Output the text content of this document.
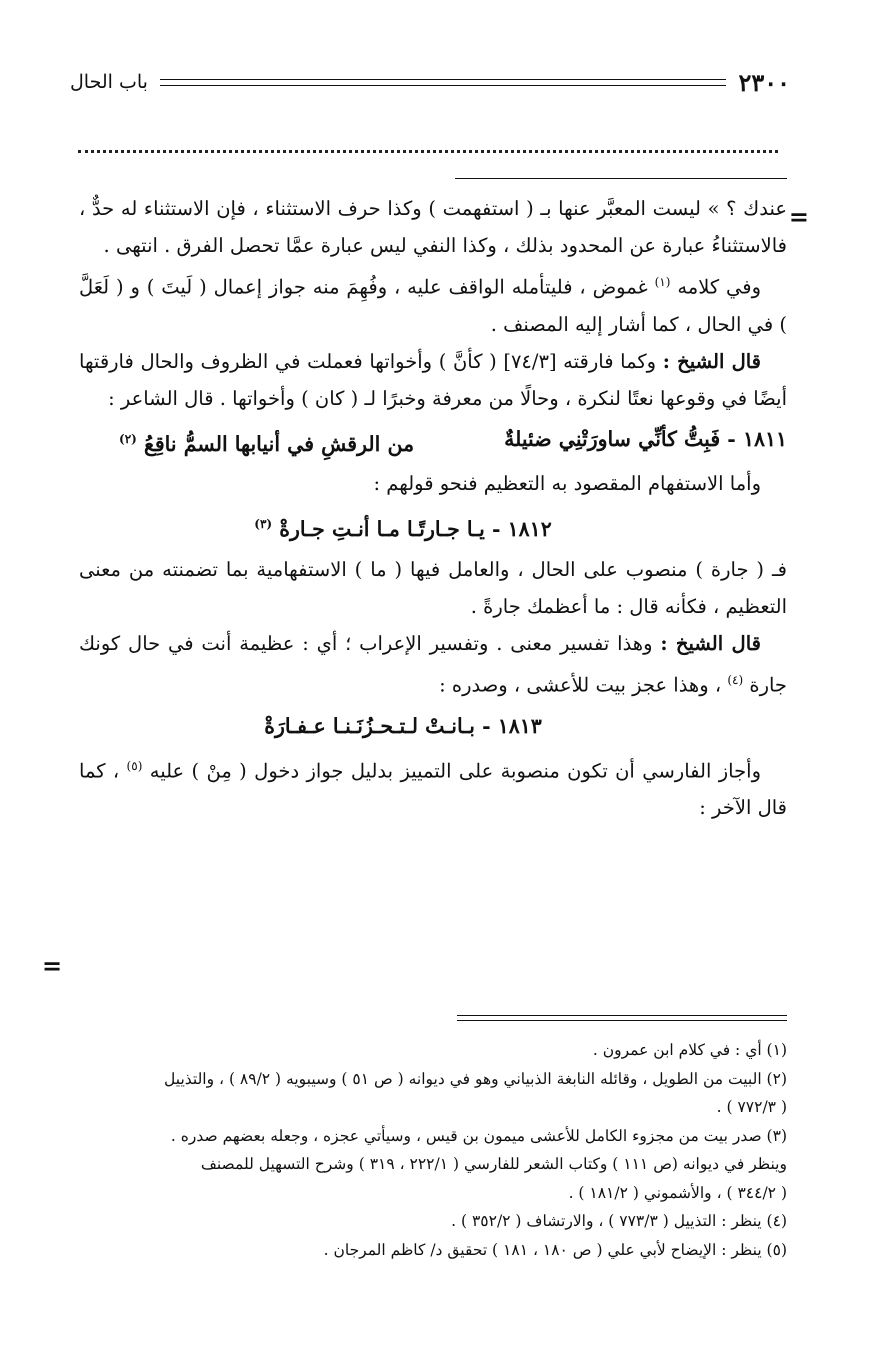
٢٣٠٠
باب الحال
=
=

عندك ؟ » ليست المعبَّر عنها بـ ( استفهمت ) وكذا حرف الاستثناء ، فإن الاستثناء له حدٌّ ، فالاستثناءُ عبارة عن المحدود بذلك ، وكذا النفي ليس عبارة عمَّا تحصل الفرق . انتهى .

وفي كلامه $^{(١)}$ غموض ، فليتأمله الواقف عليه ، وفُهِمَ منه جواز إعمال ( لَيتَ ) و ( لَعَلَّ ) في الحال ، كما أشار إليه المصنف .

قال الشيخ : وكما فارقته [٧٤/٣] ( كأنَّ ) وأخواتها فعملت في الظروف والحال فارقتها أيضًا في وقوعها نعتًا لنكرة ، وحالًا من معرفة وخبرًا لـ ( كان ) وأخواتها . قال الشاعر :

١٨١١ - فَبِتُّ كأنِّي ساورَتْنِي ضئيلةٌ
من الرقشِ في أنيابها السمُّ ناقِعُ $^{(٢)}$

وأما الاستفهام المقصود به التعظيم فنحو قولهم :

١٨١٢ - يـا جـارتًـا مـا أنـتِ جـارةْ $^{(٣)}$

فـ ( جارة ) منصوب على الحال ، والعامل فيها ( ما ) الاستفهامية بما تضمنته من معنى التعظيم ، فكأنه قال : ما أعظمك جارةً .

قال الشيخ : وهذا تفسير معنى . وتفسير الإعراب ؛ أي : عظيمة أنت في حال كونك جارة $^{(٤)}$ ، وهذا عجز بيت للأعشى ، وصدره :

١٨١٣ - بـانـتْ لـتـحـزُنَـنـا عـفـارَةْ

وأجاز الفارسي أن تكون منصوبة على التمييز بدليل جواز دخول ( مِنْ ) عليه $^{(٥)}$ ، كما قال الآخر :

(١) أي : في كلام ابن عمرون .

(٢) البيت من الطويل ، وقائله النابغة الذبياني وهو في ديوانه ( ص ٥١ ) وسيبويه ( ٨٩/٢ ) ، والتذييل
( ٧٧٢/٣ ) .

(٣) صدر بيت من مجزوء الكامل للأعشى ميمون بن قيس ، وسيأتي عجزه ، وجعله بعضهم صدره .
وينظر في ديوانه (ص ١١١ ) وكتاب الشعر للفارسي ( ٢٢٢/١ ، ٣١٩ ) وشرح التسهيل للمصنف
( ٣٤٤/٢ ) ، والأشموني ( ١٨١/٢ ) .

(٤) ينظر : التذييل ( ٧٧٣/٣ ) ، والارتشاف ( ٣٥٢/٢ ) .

(٥) ينظر : الإيضاح لأبي علي ( ص ١٨٠ ، ١٨١ ) تحقيق د/ كاظم المرجان .
